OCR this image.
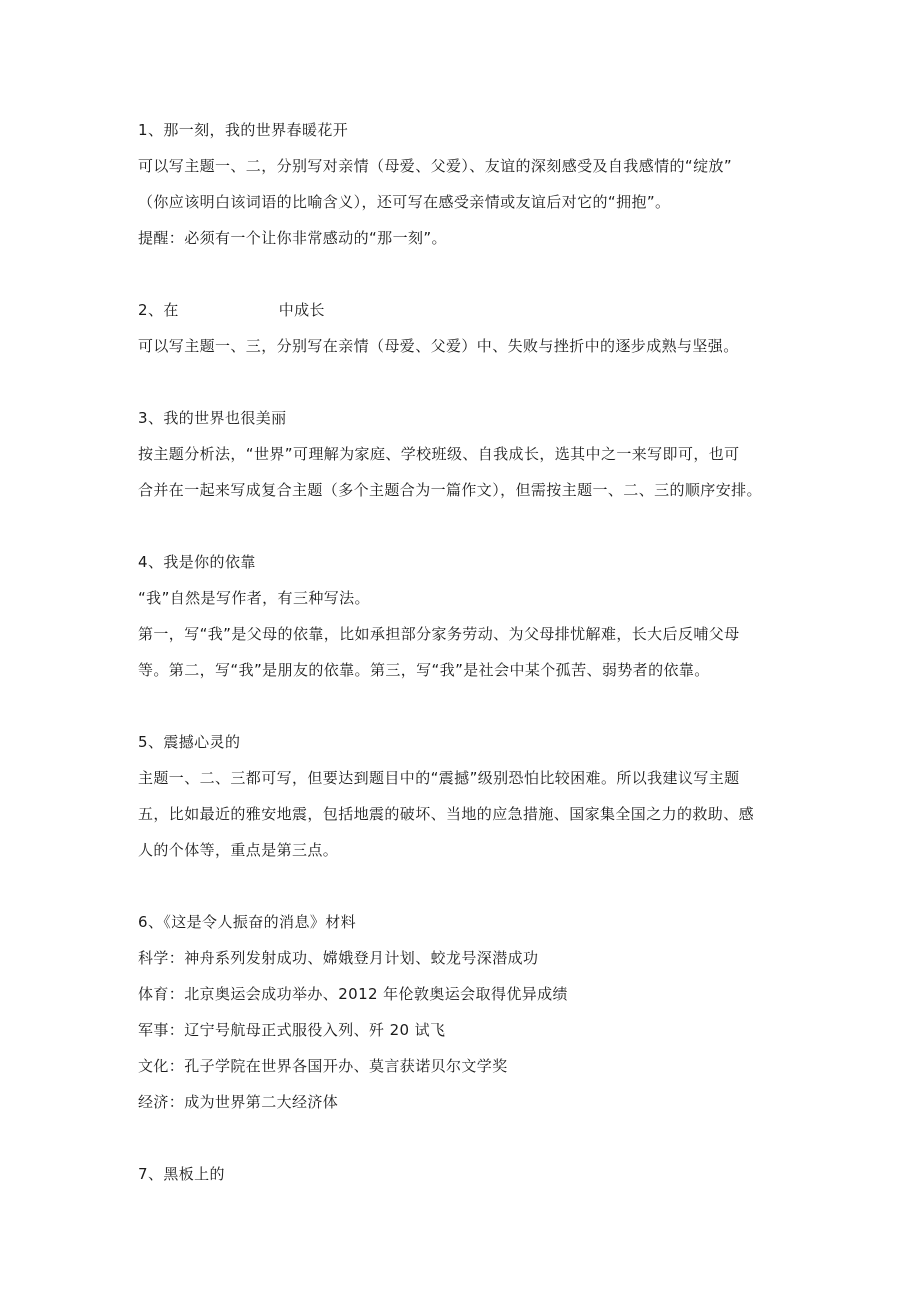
1、那一刻，我的世界春暖花开
可以写主题一、二，分别写对亲情（母爱、父爱）、友谊的深刻感受及自我感情的“绽放”
（你应该明白该词语的比喻含义），还可写在感受亲情或友谊后对它的“拥抱”。
提醒：必须有一个让你非常感动的“那一刻”。
2、在	中成长
可以写主题一、三，分别写在亲情（母爱、父爱）中、失败与挫折中的逐步成熟与坚强。
3、我的世界也很美丽
按主题分析法，“世界”可理解为家庭、学校班级、自我成长，选其中之一来写即可，也可
合并在一起来写成复合主题（多个主题合为一篇作文），但需按主题一、二、三的顺序安排。
4、我是你的依靠
“我”自然是写作者，有三种写法。
第一，写“我”是父母的依靠，比如承担部分家务劳动、为父母排忧解难，长大后反哺父母
等。第二，写“我”是朋友的依靠。第三，写“我”是社会中某个孤苦、弱势者的依靠。
5、震撼心灵的
主题一、二、三都可写，但要达到题目中的“震撼”级别恐怕比较困难。所以我建议写主题
五，比如最近的雅安地震，包括地震的破坏、当地的应急措施、国家集全国之力的救助、感
人的个体等，重点是第三点。
6、《这是令人振奋的消息》材料
科学：神舟系列发射成功、嫦娥登月计划、蛟龙号深潜成功
体育：北京奥运会成功举办、2012 年伦敦奥运会取得优异成绩
军事：辽宁号航母正式服役入列、歼 20 试飞
文化：孔子学院在世界各国开办、莫言获诺贝尔文学奖
经济：成为世界第二大经济体
7、黑板上的
